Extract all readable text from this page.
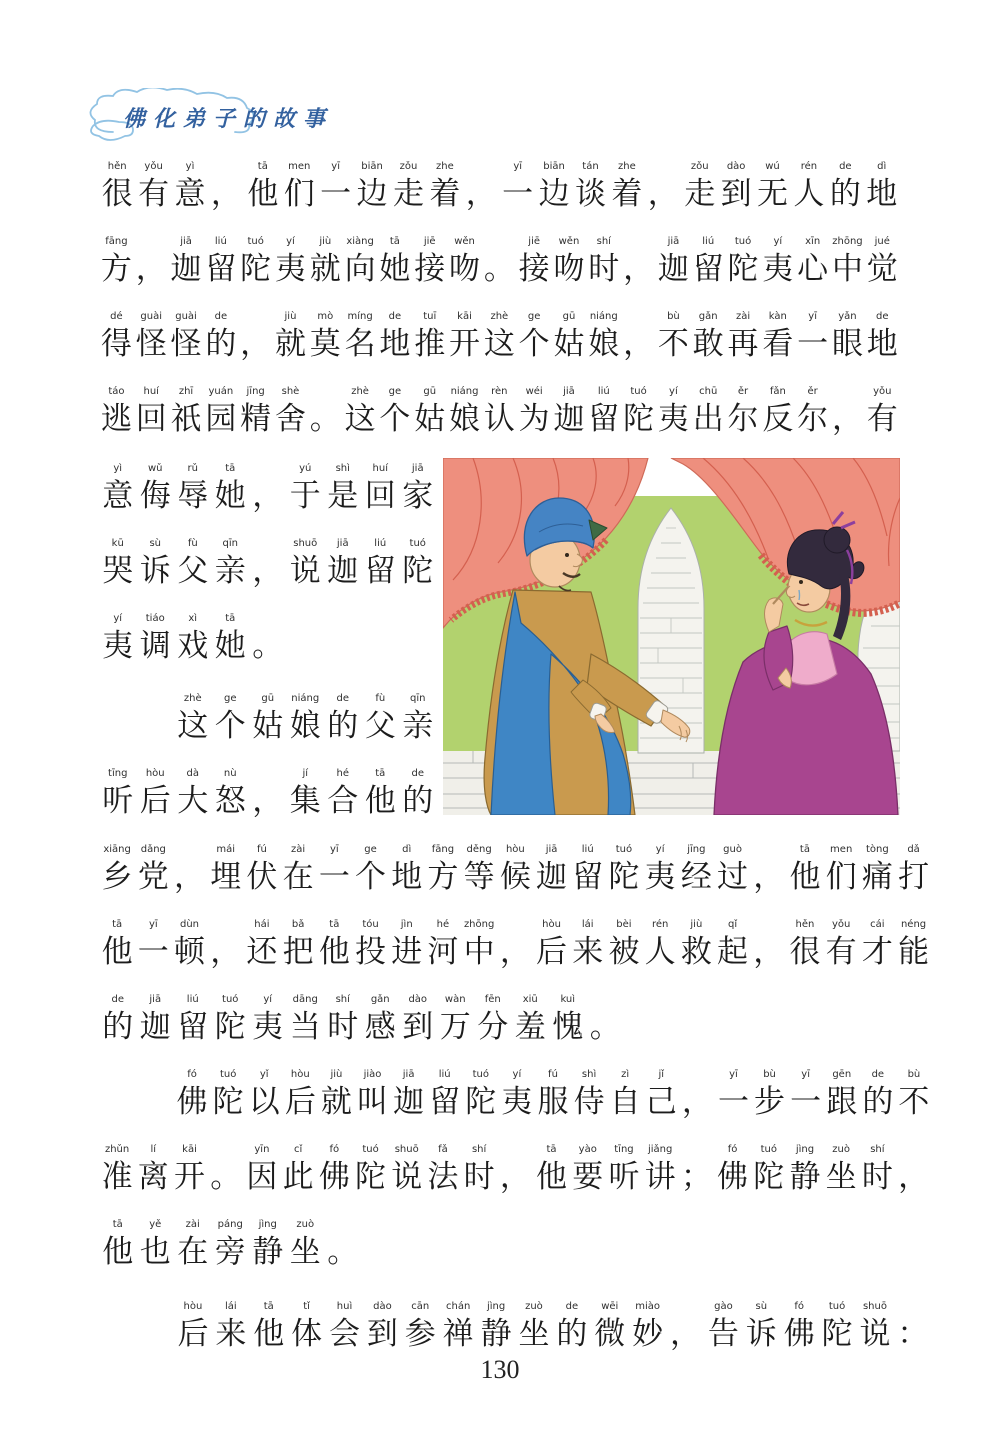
佛化弟子的故事
hěn
很
yǒu
有
yì
意 ，
tā
他
men
们
yī
一
biān
边
zǒu
走
zhe
着 ，
yī
一
biān
边
tán
谈
zhe
着 ，
zǒu
走
dào
到
wú
无
rén
人
de
的
dì
地
fāng
方 ，
jiā
迦
liú
留
tuó
陀
yí
夷
jiù
就
xiàng
向
tā
她
jiē
接
wěn
吻 。
jiē
接
wěn
吻
shí
时 ，
jiā
迦
liú
留
tuó
陀
yí
夷
xīn
心
zhōng
中
jué
觉
dé
得
guài
怪
guài
怪
de
的 ，
jiù
就
mò
莫
míng
名
de
地
tuī
推
kāi
开
zhè
这
ge
个
gū
姑
niáng
娘 ，
bù
不
gǎn
敢
zài
再
kàn
看
yī
一
yǎn
眼
de
地
táo
逃
huí
回
zhī
祇
yuán
园
jīng
精
shè
舍 。
zhè
这
ge
个
gū
姑
niáng
娘
rèn
认
wéi
为
jiā
迦
liú
留
tuó
陀
yí
夷
chū
出
ěr
尔
fǎn
反
ěr
尔 ，
yǒu
有
yì
意
wǔ
侮
rǔ
辱
tā
她 ，
yú
于
shì
是
huí
回
jiā
家
kū
哭
sù
诉
fù
父
qīn
亲 ，
shuō
说
jiā
迦
liú
留
tuó
陀
yí
夷
tiáo
调
xì
戏
tā
她 。
zhè
这
ge
个
gū
姑
niáng
娘
de
的
fù
父
qīn
亲
tīng
听
hòu
后
dà
大
nù
怒 ，
jí
集
hé
合
tā
他
de
的
xiāng
乡
dǎng
党 ，
mái
埋
fú
伏
zài
在
yī
一
ge
个
dì
地
fāng
方
děng
等
hòu
候
jiā
迦
liú
留
tuó
陀
yí
夷
jīng
经
guò
过 ，
tā
他
men
们
tòng
痛
dǎ
打
tā
他
yī
一
dùn
顿 ，
hái
还
bǎ
把
tā
他
tóu
投
jìn
进
hé
河
zhōng
中 ，
hòu
后
lái
来
bèi
被
rén
人
jiù
救
qǐ
起 ，
hěn
很
yǒu
有
cái
才
néng
能
de
的
jiā
迦
liú
留
tuó
陀
yí
夷
dāng
当
shí
时
gǎn
感
dào
到
wàn
万
fēn
分
xiū
羞
kuì
愧 。
fó
佛
tuó
陀
yǐ
以
hòu
后
jiù
就
jiào
叫
jiā
迦
liú
留
tuó
陀
yí
夷
fú
服
shì
侍
zì
自
jǐ
己 ，
yī
一
bù
步
yī
一
gēn
跟
de
的
bù
不
zhǔn
准
lí
离
kāi
开 。
yīn
因
cǐ
此
fó
佛
tuó
陀
shuō
说
fǎ
法
shí
时 ，
tā
他
yào
要
tīng
听
jiǎng
讲 ；
fó
佛
tuó
陀
jìng
静
zuò
坐
shí
时 ，
tā
他
yě
也
zài
在
páng
旁
jìng
静
zuò
坐 。
hòu
后
lái
来
tā
他
tǐ
体
huì
会
dào
到
cān
参
chán
禅
jìng
静
zuò
坐
de
的
wēi
微
miào
妙 ，
gào
告
sù
诉
fó
佛
tuó
陀
shuō
说 ：
130
